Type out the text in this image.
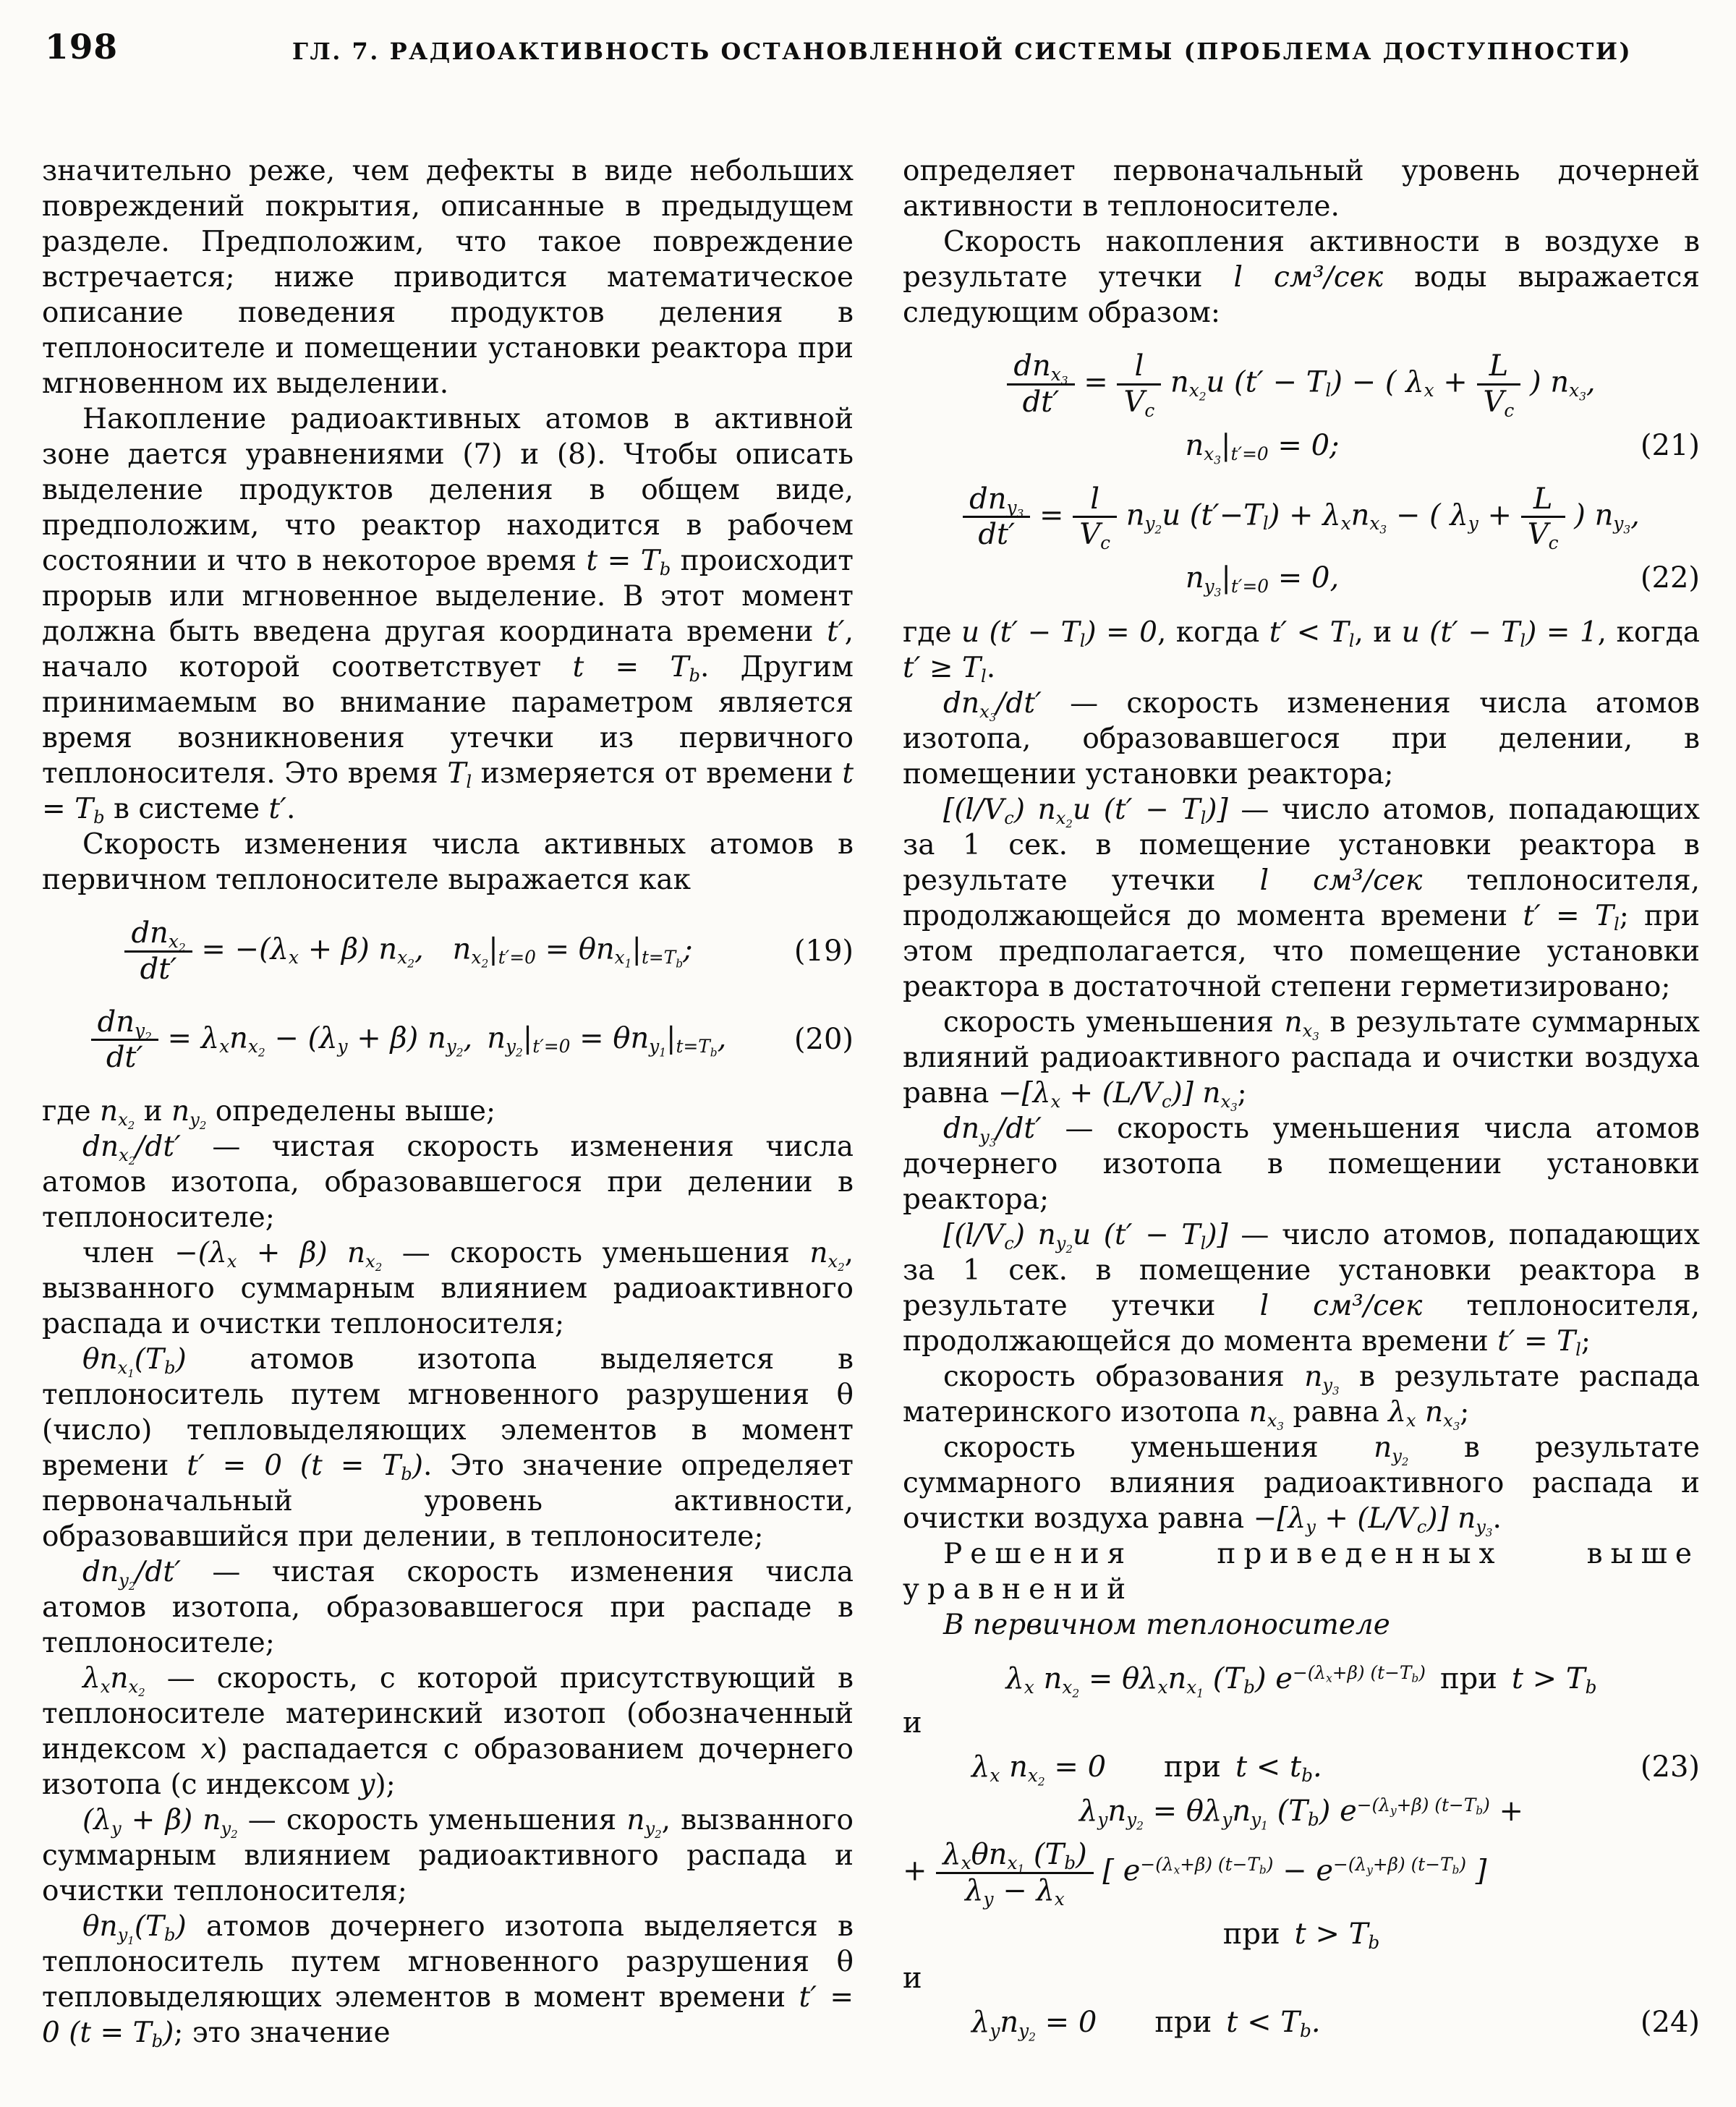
198	ГЛ. 7. РАДИОАКТИВНОСТЬ ОСТАНОВЛЕННОЙ СИСТЕМЫ (ПРОБЛЕМА ДОСТУПНОСТИ)

значительно реже, чем дефекты в виде небольших повреждений покрытия, описанные в предыдущем разделе. Предположим, что такое повреждение встречается; ниже приводится математическое описание поведения продуктов деления в теплоносителе и помещении установки реактора при мгновенном их выделении.

Накопление радиоактивных атомов в активной зоне дается уравнениями (7) и (8). Чтобы описать выделение продуктов деления в общем виде, предположим, что реактор находится в рабочем состоянии и что в некоторое время $t = T_b$ происходит прорыв или мгновенное выделение. В этот момент должна быть введена другая координата времени t′, начало которой соответствует $t = T_b$. Другим принимаемым во внимание параметром является время возникновения утечки из первичного теплоносителя. Это время $T_l$ измеряется от времени $t = T_b$ в системе t′.

Скорость изменения числа активных атомов в первичном теплоносителе выражается как

$\frac{dn_{x_2}}{dt'} = -(\lambda_x + \beta)$ $n_{x_2}$, $n_{x_2}|_{t'=0} = \theta n_{x_1}|_{t=T_b}$;	(19)
$\frac{dn_{y_2}}{dt'} = \lambda_xn_{x_2} - (\lambda_y + \beta)$ $n_{y_2}$, $n_{y_2}|_{t'=0} = \theta n_{y_1}|_{t=T_b}$,	(20)

где $n_{x_2}$ и $n_{y_2}$ определены выше;

$dn_{x_2}/dt'$ — чистая скорость изменения числа атомов изотопа, образовавшегося при делении в теплоносителе;

член $-(\lambda_x + \beta)$ $n_{x_2}$ — скорость уменьшения $n_{x_2}$, вызванного суммарным влиянием радиоактивного распада и очистки теплоносителя;

$\theta n_{x_1}(T_b)$ атомов изотопа выделяется в теплоноситель путем мгновенного разрушения θ (число) тепловыделяющих элементов в момент времени t′ = 0 $(t = T_b)$. Это значение определяет первоначальный уровень активности, образовавшийся при делении, в теплоносителе;

$dn_{y_2}/dt'$ — чистая скорость изменения числа атомов изотопа, образовавшегося при распаде в теплоносителе;

$\lambda_xn_{x_2}$ — скорость, с которой присутствующий в теплоносителе материнский изотоп (обозначенный индексом x) распадается с образованием дочернего изотопа (с индексом y);

$(\lambda_y + \beta)$ $n_{y_2}$ — скорость уменьшения $n_{y_2}$, вызванного суммарным влиянием радиоактивного распада и очистки теплоносителя;

$\theta n_{y_1}(T_b)$ атомов дочернего изотопа выделяется в теплоноситель путем мгновенного разрушения θ тепловыделяющих элементов в момент времени t′ = 0 $(t = T_b)$; это значение

определяет первоначальный уровень дочерней активности в теплоносителе.

Скорость накопления активности в воздухе в результате утечки l см³/сек воды выражается следующим образом:

$\frac{dn_{x_3}}{dt'} = \frac{l}{V_c} n_{x_2}u$ $(t' - T_l)$ − ( $\lambda_x + \frac{L}{V_c}$ ) $n_{x_3}$,
$n_{x_3}|_{t'=0} = 0$;	(21)
$\frac{dn_{y_3}}{dt'} = \frac{l}{V_c} n_{y_2}u$ $(t'-T_l) + \lambda_xn_{x_3}$ − ( $\lambda_y + \frac{L}{V_c}$ ) $n_{y_3}$,
$n_{y_3}|_{t'=0} = 0$,	(22)

где u $(t' - T_l) = 0$, когда $t' < T_l$, и u $(t' - T_l) = 1$, когда $t' \ge T_l$.

$dn_{x_3}/dt'$ — скорость изменения числа атомов изотопа, образовавшегося при делении, в помещении установки реактора;

[$(l/V_c)$ $n_{x_2}u$ $(t' - T_l)$] — число атомов, попадающих за 1 сек. в помещение установки реактора в результате утечки l см³/сек теплоносителя, продолжающейся до момента времени $t' = T_l$; при этом предполагается, что помещение установки реактора в достаточной степени герметизировано;

скорость уменьшения $n_{x_3}$ в результате суммарных влияний радиоактивного распада и очистки воздуха равна $-[\lambda_x + (L/V_c)]$ $n_{x_3}$;

$dn_{y_3}/dt'$ — скорость уменьшения числа атомов дочернего изотопа в помещении установки реактора;

[$(l/V_c)$ $n_{y_2}u$ $(t' - T_l)$] — число атомов, попадающих за 1 сек. в помещение установки реактора в результате утечки l см³/сек теплоносителя, продолжающейся до момента времени $t' = T_l$;

скорость образования $n_{y_3}$ в результате распада материнского изотопа $n_{x_3}$ равна $\lambda_x$ $n_{x_3}$;

скорость уменьшения $n_{y_2}$ в результате суммарного влияния радиоактивного распада и очистки воздуха равна $-[\lambda_y + (L/V_c)]$ $n_{y_3}$.

Решения приведенных выше уравнений

В первичном теплоносителе

$\lambda_x$ $n_{x_2} = \theta\lambda_xn_{x_1}$ $(T_b)$ $e^{-(\lambda_x+\beta) (t-T_b)}$  при $t > T_b$
и
$\lambda_x$ $n_{x_2} = 0$  при $t < t_b$.	(23)
$\lambda_yn_{y_2} = \theta\lambda_yn_{y_1}$ $(T_b) e^{-(\lambda_y+\beta) (t-T_b)}$ +
+ $\frac{\lambda_x\theta n_{x_1} (T_b)}{\lambda_y - \lambda_x}$ [ $e^{-(\lambda_x+\beta) (t-T_b)} - e^{-(\lambda_y+\beta) (t-T_b)}$ ]
при $t > T_b$
и
$\lambda_yn_{y_2} = 0$  при $t < T_b$.	(24)
